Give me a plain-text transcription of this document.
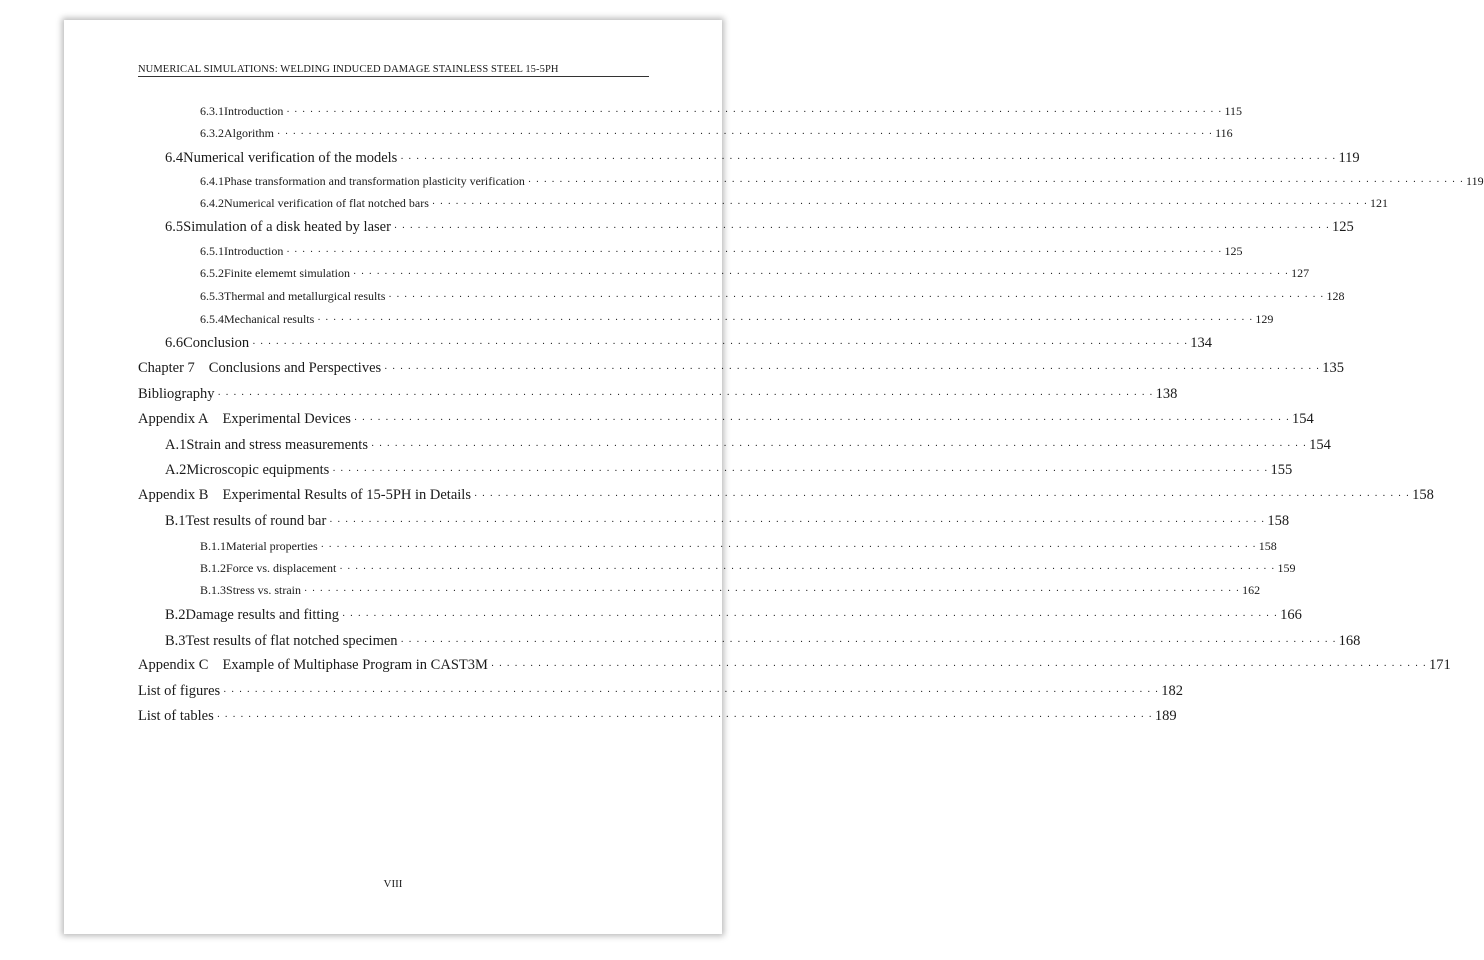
NUMERICAL SIMULATIONS: WELDING INDUCED DAMAGE STAINLESS STEEL 15-5PH
6.3.1 Introduction · · · · · · · · · · · · · · · · · · · · · · · · · · · · · · · · · · · · · · · · · · · · · · · · · · · · · · · · · · · · · · · · · · · · · · · · · · · · · · · · · · · · · · · · · · · · · · · · · · · · · · · · · · · · · · · · · · · · · · · · 115
6.3.2 Algorithm · · · · · · · · · · · · · · · · · · · · · · · · · · · · · · · · · · · · · · · · · · · · · · · · · · · · · · · · · · · · · · · · · · · · · · · · · · · · · · · · · · · · · · · · · · · · · · · · · · · · · · · · · · · · · · · · · · · · · · · · 116
6.4 Numerical verification of the models · · · · · · · · · · · · · · · · · · · · · · · · · · · · · · · · · · · · · · · · · · · · · · · · · · · · · · · · · · · · · · · · · · · · · · · · · · · · · · · · · · · · · · · · · · · · · · · · · · · · · · · · · · · · · · · · · · · · · · · · 119
6.4.1 Phase transformation and transformation plasticity verification · · · · · · · · · · · · · · · · · · · · · · · · · · · · · · · · · · · · · · · · · · · · · · · · · · · · · · · · · · · · · · · · · · · · · · · · · · · · · · · · · · · · · · · · · · · · · · · · · · · · · · · · · · · · · · · · · · · · · · · · 119
6.4.2 Numerical verification of flat notched bars · · · · · · · · · · · · · · · · · · · · · · · · · · · · · · · · · · · · · · · · · · · · · · · · · · · · · · · · · · · · · · · · · · · · · · · · · · · · · · · · · · · · · · · · · · · · · · · · · · · · · · · · · · · · · · · · · · · · · · · · 121
6.5 Simulation of a disk heated by laser · · · · · · · · · · · · · · · · · · · · · · · · · · · · · · · · · · · · · · · · · · · · · · · · · · · · · · · · · · · · · · · · · · · · · · · · · · · · · · · · · · · · · · · · · · · · · · · · · · · · · · · · · · · · · · · · · · · · · · · · 125
6.5.1 Introduction · · · · · · · · · · · · · · · · · · · · · · · · · · · · · · · · · · · · · · · · · · · · · · · · · · · · · · · · · · · · · · · · · · · · · · · · · · · · · · · · · · · · · · · · · · · · · · · · · · · · · · · · · · · · · · · · · · · · · · · · 125
6.5.2 Finite elememt simulation · · · · · · · · · · · · · · · · · · · · · · · · · · · · · · · · · · · · · · · · · · · · · · · · · · · · · · · · · · · · · · · · · · · · · · · · · · · · · · · · · · · · · · · · · · · · · · · · · · · · · · · · · · · · · · · · · · · · · · · · 127
6.5.3 Thermal and metallurgical results · · · · · · · · · · · · · · · · · · · · · · · · · · · · · · · · · · · · · · · · · · · · · · · · · · · · · · · · · · · · · · · · · · · · · · · · · · · · · · · · · · · · · · · · · · · · · · · · · · · · · · · · · · · · · · · · · · · · · · · · 128
6.5.4 Mechanical results · · · · · · · · · · · · · · · · · · · · · · · · · · · · · · · · · · · · · · · · · · · · · · · · · · · · · · · · · · · · · · · · · · · · · · · · · · · · · · · · · · · · · · · · · · · · · · · · · · · · · · · · · · · · · · · · · · · · · · · · 129
6.6 Conclusion · · · · · · · · · · · · · · · · · · · · · · · · · · · · · · · · · · · · · · · · · · · · · · · · · · · · · · · · · · · · · · · · · · · · · · · · · · · · · · · · · · · · · · · · · · · · · · · · · · · · · · · · · · · · · · · · · · · · · · · · 134
Chapter 7 Conclusions and Perspectives · · · · · · · · · · · · · · · · · · · · · · · · · · · · · · · · · · · · · · · · · · · · · · · · · · · · · · · · · · · · · · · · · · · · · · · · · · · · · · · · · · · · · · · · · · · · · · · · · · · · · · · · · · · · · · · · · · · · · · · · 135
Bibliography · · · · · · · · · · · · · · · · · · · · · · · · · · · · · · · · · · · · · · · · · · · · · · · · · · · · · · · · · · · · · · · · · · · · · · · · · · · · · · · · · · · · · · · · · · · · · · · · · · · · · · · · · · · · · · · · · · · · · · · · 138
Appendix A Experimental Devices · · · · · · · · · · · · · · · · · · · · · · · · · · · · · · · · · · · · · · · · · · · · · · · · · · · · · · · · · · · · · · · · · · · · · · · · · · · · · · · · · · · · · · · · · · · · · · · · · · · · · · · · · · · · · · · · · · · · · · · · 154
A.1 Strain and stress measurements · · · · · · · · · · · · · · · · · · · · · · · · · · · · · · · · · · · · · · · · · · · · · · · · · · · · · · · · · · · · · · · · · · · · · · · · · · · · · · · · · · · · · · · · · · · · · · · · · · · · · · · · · · · · · · · · · · · · · · · · 154
A.2 Microscopic equipments · · · · · · · · · · · · · · · · · · · · · · · · · · · · · · · · · · · · · · · · · · · · · · · · · · · · · · · · · · · · · · · · · · · · · · · · · · · · · · · · · · · · · · · · · · · · · · · · · · · · · · · · · · · · · · · · · · · · · · · · 155
Appendix B Experimental Results of 15-5PH in Details · · · · · · · · · · · · · · · · · · · · · · · · · · · · · · · · · · · · · · · · · · · · · · · · · · · · · · · · · · · · · · · · · · · · · · · · · · · · · · · · · · · · · · · · · · · · · · · · · · · · · · · · · · · · · · · · · · · · · · · · 158
B.1 Test results of round bar · · · · · · · · · · · · · · · · · · · · · · · · · · · · · · · · · · · · · · · · · · · · · · · · · · · · · · · · · · · · · · · · · · · · · · · · · · · · · · · · · · · · · · · · · · · · · · · · · · · · · · · · · · · · · · · · · · · · · · · · 158
B.1.1 Material properties · · · · · · · · · · · · · · · · · · · · · · · · · · · · · · · · · · · · · · · · · · · · · · · · · · · · · · · · · · · · · · · · · · · · · · · · · · · · · · · · · · · · · · · · · · · · · · · · · · · · · · · · · · · · · · · · · · · · · · · · 158
B.1.2 Force vs. displacement · · · · · · · · · · · · · · · · · · · · · · · · · · · · · · · · · · · · · · · · · · · · · · · · · · · · · · · · · · · · · · · · · · · · · · · · · · · · · · · · · · · · · · · · · · · · · · · · · · · · · · · · · · · · · · · · · · · · · · · · 159
B.1.3 Stress vs. strain · · · · · · · · · · · · · · · · · · · · · · · · · · · · · · · · · · · · · · · · · · · · · · · · · · · · · · · · · · · · · · · · · · · · · · · · · · · · · · · · · · · · · · · · · · · · · · · · · · · · · · · · · · · · · · · · · · · · · · · · 162
B.2 Damage results and fitting · · · · · · · · · · · · · · · · · · · · · · · · · · · · · · · · · · · · · · · · · · · · · · · · · · · · · · · · · · · · · · · · · · · · · · · · · · · · · · · · · · · · · · · · · · · · · · · · · · · · · · · · · · · · · · · · · · · · · · · · 166
B.3 Test results of flat notched specimen · · · · · · · · · · · · · · · · · · · · · · · · · · · · · · · · · · · · · · · · · · · · · · · · · · · · · · · · · · · · · · · · · · · · · · · · · · · · · · · · · · · · · · · · · · · · · · · · · · · · · · · · · · · · · · · · · · · · · · · · 168
Appendix C Example of Multiphase Program in CAST3M · · · · · · · · · · · · · · · · · · · · · · · · · · · · · · · · · · · · · · · · · · · · · · · · · · · · · · · · · · · · · · · · · · · · · · · · · · · · · · · · · · · · · · · · · · · · · · · · · · · · · · · · · · · · · · · · · · · · · · · · 171
List of figures · · · · · · · · · · · · · · · · · · · · · · · · · · · · · · · · · · · · · · · · · · · · · · · · · · · · · · · · · · · · · · · · · · · · · · · · · · · · · · · · · · · · · · · · · · · · · · · · · · · · · · · · · · · · · · · · · · · · · · · · 182
List of tables · · · · · · · · · · · · · · · · · · · · · · · · · · · · · · · · · · · · · · · · · · · · · · · · · · · · · · · · · · · · · · · · · · · · · · · · · · · · · · · · · · · · · · · · · · · · · · · · · · · · · · · · · · · · · · · · · · · · · · · · 189
VIII
